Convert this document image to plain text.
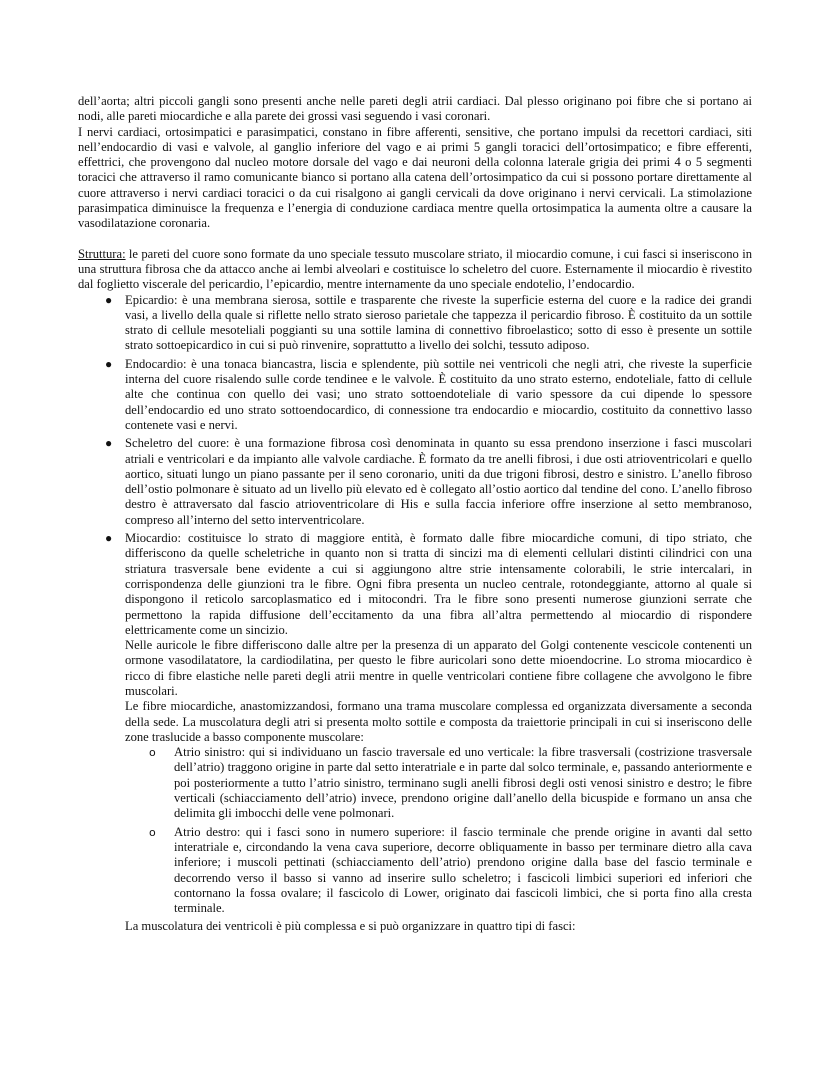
dell’aorta; altri piccoli gangli sono presenti anche nelle pareti degli atrii cardiaci. Dal plesso originano poi fibre che si portano ai nodi, alle pareti miocardiche e alla parete dei grossi vasi seguendo i vasi coronari.

I nervi cardiaci, ortosimpatici e parasimpatici, constano in fibre afferenti, sensitive, che portano impulsi da recettori cardiaci, siti nell’endocardio di vasi e valvole, al ganglio inferiore del vago e ai primi 5 gangli toracici dell’ortosimpatico; e fibre efferenti, effettrici, che provengono dal nucleo motore dorsale del vago e dai neuroni della colonna laterale grigia dei primi 4 o 5 segmenti toracici che attraverso il ramo comunicante bianco si portano alla catena dell’ortosimpatico da cui si possono portare direttamente al cuore attraverso i nervi cardiaci toracici o da cui risalgono ai gangli cervicali da dove originano i nervi cervicali. La stimolazione parasimpatica diminuisce la frequenza e l’energia di conduzione cardiaca mentre quella ortosimpatica la aumenta oltre a causare la vasodilatazione coronaria.

Struttura: le pareti del cuore sono formate da uno speciale tessuto muscolare striato, il miocardio comune, i cui fasci si inseriscono in una struttura fibrosa che da attacco anche ai lembi alveolari e costituisce lo scheletro del cuore. Esternamente il miocardio è rivestito dal foglietto viscerale del pericardio, l’epicardio, mentre internamente da uno speciale endotelio, l’endocardio.

● Epicardio: è una membrana sierosa, sottile e trasparente che riveste la superficie esterna del cuore e la radice dei grandi vasi, a livello della quale si riflette nello strato sieroso parietale che tappezza il pericardio fibroso. È costituito da un sottile strato di cellule mesoteliali poggianti su una sottile lamina di connettivo fibroelastico; sotto di esso è presente un sottile strato sottoepicardico in cui si può rinvenire, soprattutto a livello dei solchi, tessuto adiposo.
● Endocardio: è una tonaca biancastra, liscia e splendente, più sottile nei ventricoli che negli atri, che riveste la superficie interna del cuore risalendo sulle corde tendinee e le valvole. È costituito da uno strato esterno, endoteliale, fatto di cellule alte che continua con quello dei vasi; uno strato sottoendoteliale di vario spessore da cui dipende lo spessore dell’endocardio ed uno strato sottoendocardico, di connessione tra endocardio e miocardio, costituito da connettivo lasso contenete vasi e nervi.
● Scheletro del cuore: è una formazione fibrosa così denominata in quanto su essa prendono inserzione i fasci muscolari atriali e ventricolari e da impianto alle valvole cardiache. È formato da tre anelli fibrosi, i due osti atrioventricolari e quello aortico, situati lungo un piano passante per il seno coronario, uniti da due trigoni fibrosi, destro e sinistro. L’anello fibroso dell’ostio polmonare è situato ad un livello più elevato ed è collegato all’ostio aortico dal tendine del cono. L’anello fibroso destro è attraversato dal fascio atrioventricolare di His e sulla faccia inferiore offre inserzione al setto membranoso, compreso all’interno del setto interventricolare.
● Miocardio: costituisce lo strato di maggiore entità, è formato dalle fibre miocardiche comuni, di tipo striato, che differiscono da quelle scheletriche in quanto non si tratta di sincizi ma di elementi cellulari distinti cilindrici con una striatura trasversale bene evidente a cui si aggiungono altre strie intensamente colorabili, le strie intercalari, in corrispondenza delle giunzioni tra le fibre. Ogni fibra presenta un nucleo centrale, rotondeggiante, attorno al quale si dispongono il reticolo sarcoplasmatico ed i mitocondri. Tra le fibre sono presenti numerose giunzioni serrate che permettono la rapida diffusione dell’eccitamento da una fibra all’altra permettendo al miocardio di rispondere elettricamente come un sincizio.
Nelle auricole le fibre differiscono dalle altre per la presenza di un apparato del Golgi contenente vescicole contenenti un ormone vasodilatatore, la cardiodilatina, per questo le fibre auricolari sono dette mioendocrine. Lo stroma miocardico è ricco di fibre elastiche nelle pareti degli atrii mentre in quelle ventricolari contiene fibre collagene che avvolgono le fibre muscolari.
Le fibre miocardiche, anastomizzandosi, formano una trama muscolare complessa ed organizzata diversamente a seconda della sede. La muscolatura degli atri si presenta molto sottile e composta da traiettorie principali in cui si inseriscono delle zone traslucide a basso componente muscolare:
o Atrio sinistro: qui si individuano un fascio traversale ed uno verticale: la fibre trasversali (costrizione trasversale dell’atrio) traggono origine in parte dal setto interatriale e in parte dal solco terminale, e, passando anteriormente e poi posteriormente a tutto l’atrio sinistro, terminano sugli anelli fibrosi degli osti venosi sinistro e destro; le fibre verticali (schiacciamento dell’atrio) invece, prendono origine dall’anello della bicuspide e formano un ansa che delimita gli imbocchi delle vene polmonari.
o Atrio destro: qui i fasci sono in numero superiore: il fascio terminale che prende origine in avanti dal setto interatriale e, circondando la vena cava superiore, decorre obliquamente in basso per terminare dietro alla cava inferiore; i muscoli pettinati (schiacciamento dell’atrio) prendono origine dalla base del fascio terminale e decorrendo verso il basso si vanno ad inserire sullo scheletro; i fascicoli limbici superiori ed inferiori che contornano la fossa ovalare; il fascicolo di Lower, originato dai fascicoli limbici, che si porta fino alla cresta terminale.

La muscolatura dei ventricoli è più complessa e si può organizzare in quattro tipi di fasci:
